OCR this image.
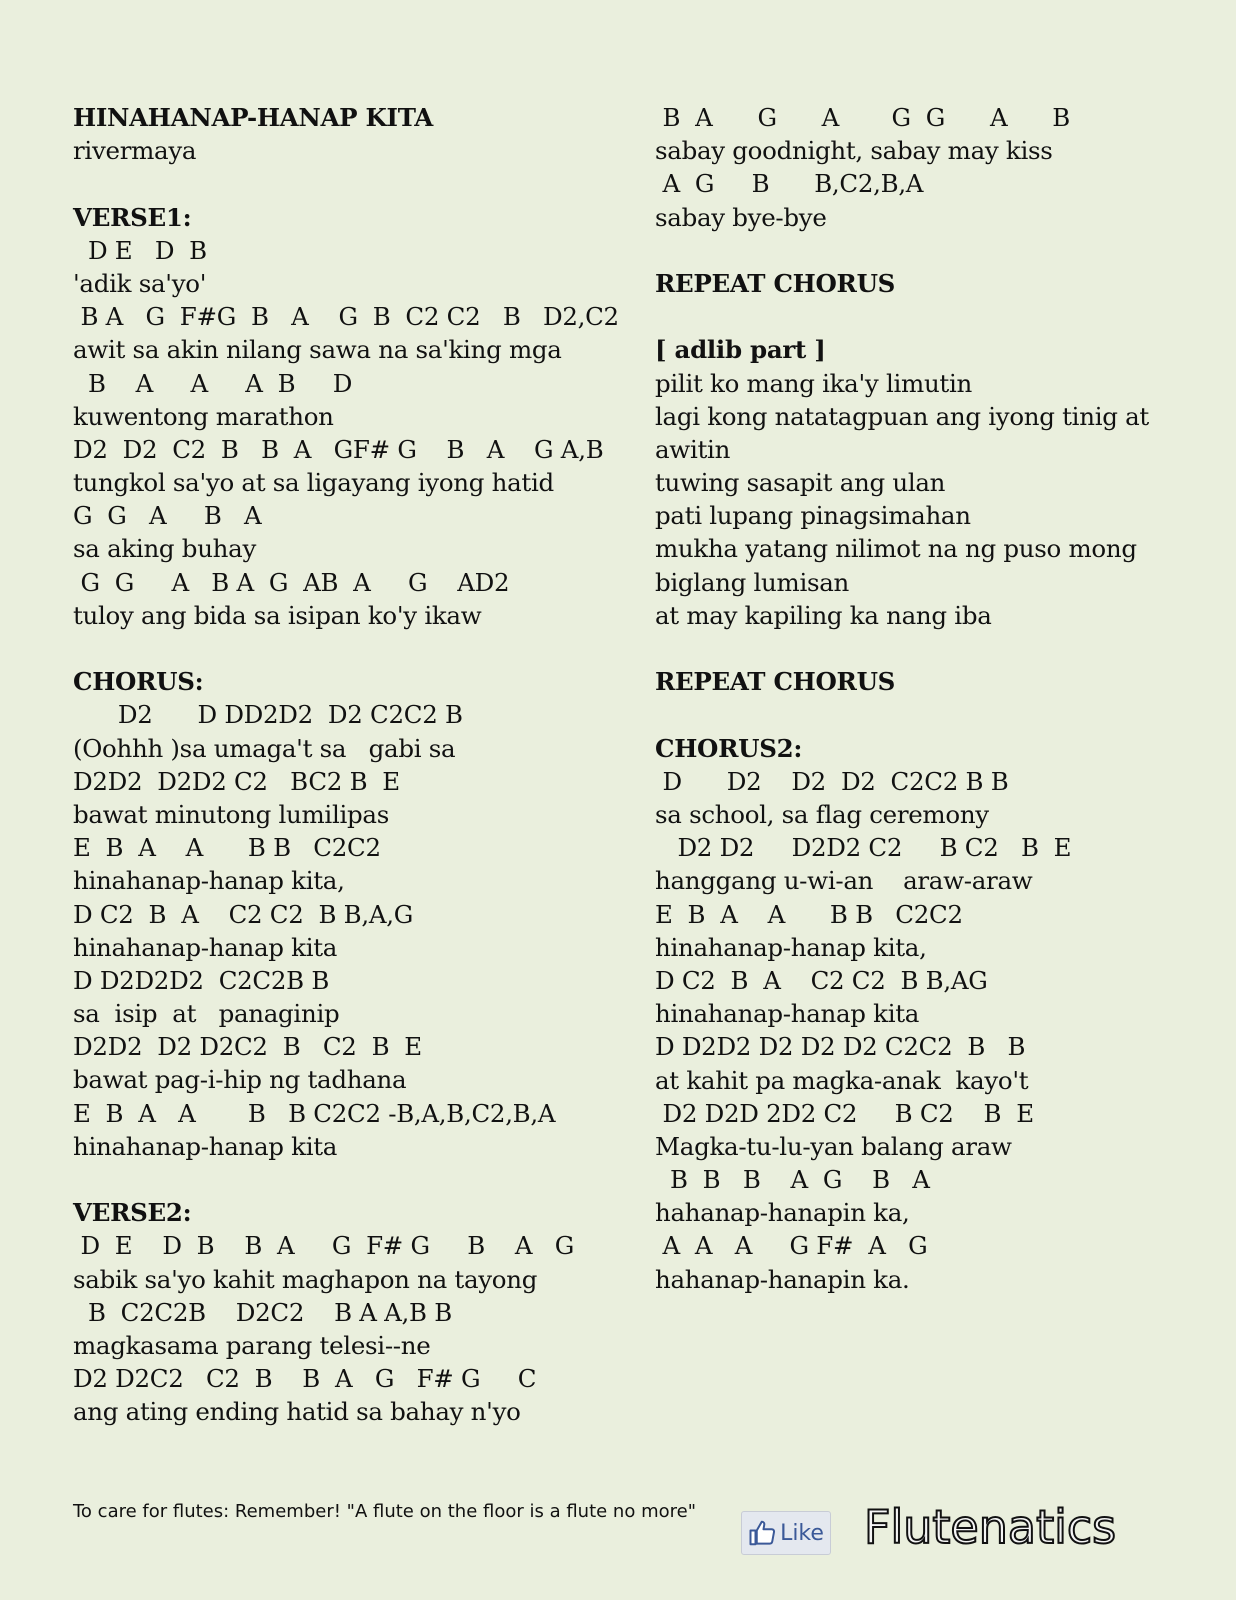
HINAHANAP-HANAP KITA
rivermaya
VERSE1:
D E   D  B
'adik sa'yo'
B A   G  F#G  B   A    G  B  C2 C2   B   D2,C2
awit sa akin nilang sawa na sa'king mga
B    A     A     A  B     D
kuwentong marathon
D2  D2  C2  B   B  A   GF# G    B   A    G A,B
tungkol sa'yo at sa ligayang iyong hatid
G  G   A     B   A
sa aking buhay
G  G     A   B A  G  AB  A     G    AD2
tuloy ang bida sa isipan ko'y ikaw
CHORUS:
D2      D DD2D2  D2 C2C2 B
(Oohhh )sa umaga't sa   gabi sa
D2D2  D2D2 C2   BC2 B  E
bawat minutong lumilipas
E  B  A    A      B B   C2C2
hinahanap-hanap kita,
D C2  B  A    C2 C2  B B,A,G
hinahanap-hanap kita
D D2D2D2  C2C2B B
sa  isip  at   panaginip
D2D2  D2 D2C2  B   C2  B  E
bawat pag-i-hip ng tadhana
E  B  A   A       B   B C2C2 -B,A,B,C2,B,A
hinahanap-hanap kita
VERSE2:
D  E    D  B    B  A     G  F# G     B    A   G
sabik sa'yo kahit maghapon na tayong
B  C2C2B    D2C2    B A A,B B
magkasama parang telesi--ne
D2 D2C2   C2  B    B  A   G   F# G     C
ang ating ending hatid sa bahay n'yo
B  A      G      A       G  G      A      B
sabay goodnight, sabay may kiss
A  G     B      B,C2,B,A
sabay bye-bye
REPEAT CHORUS
[ adlib part ]
pilit ko mang ika'y limutin
lagi kong natatagpuan ang iyong tinig at awitin
tuwing sasapit ang ulan
pati lupang pinagsimahan
mukha yatang nilimot na ng puso mong biglang lumisan
at may kapiling ka nang iba
REPEAT CHORUS
CHORUS2:
D      D2    D2  D2  C2C2 B B
sa school, sa flag ceremony
D2 D2     D2D2 C2     B C2   B  E
hanggang u-wi-an    araw-araw
E  B  A    A      B B   C2C2
hinahanap-hanap kita,
D C2  B  A    C2 C2  B B,AG
hinahanap-hanap kita
D D2D2 D2 D2 D2 C2C2  B   B
at kahit pa magka-anak  kayo't
D2 D2D 2D2 C2     B C2    B  E
Magka-tu-lu-yan balang araw
B  B   B    A  G    B   A
hahanap-hanapin ka,
A  A   A     G F#  A   G
hahanap-hanapin ka.
To care for flutes: Remember! "A flute on the floor is a flute no more"
Like Flutenatics
